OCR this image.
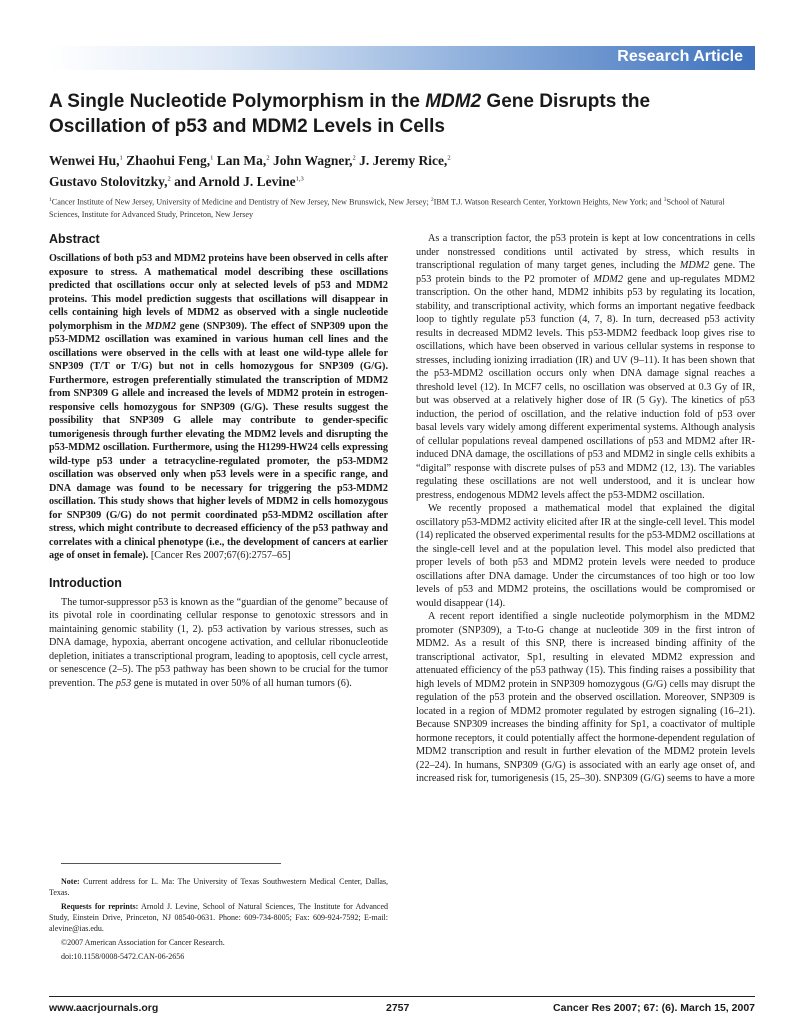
Research Article
A Single Nucleotide Polymorphism in the MDM2 Gene Disrupts the Oscillation of p53 and MDM2 Levels in Cells

Wenwei Hu,$^1$ Zhaohui Feng,$^1$ Lan Ma,$^2$ John Wagner,$^2$ J. Jeremy Rice,$^2$
Gustavo Stolovitzky,$^2$ and Arnold J. Levine$^{1,3}$

$^1$Cancer Institute of New Jersey, University of Medicine and Dentistry of New Jersey, New Brunswick, New Jersey; $^2$IBM T.J. Watson Research Center, Yorktown Heights, New York; and $^3$School of Natural Sciences, Institute for Advanced Study, Princeton, New Jersey

Abstract

Oscillations of both p53 and MDM2 proteins have been observed in cells after exposure to stress. A mathematical model describing these oscillations predicted that oscillations occur only at selected levels of p53 and MDM2 proteins. This model prediction suggests that oscillations will disappear in cells containing high levels of MDM2 as observed with a single nucleotide polymorphism in the MDM2 gene (SNP309). The effect of SNP309 upon the p53-MDM2 oscillation was examined in various human cell lines and the oscillations were observed in the cells with at least one wild-type allele for SNP309 (T/T or T/G) but not in cells homozygous for SNP309 (G/G). Furthermore, estrogen preferentially stimulated the transcription of MDM2 from SNP309 G allele and increased the levels of MDM2 protein in estrogen-responsive cells homozygous for SNP309 (G/G). These results suggest the possibility that SNP309 G allele may contribute to gender-specific tumorigenesis through further elevating the MDM2 levels and disrupting the p53-MDM2 oscillation. Furthermore, using the H1299-HW24 cells expressing wild-type p53 under a tetracycline-regulated promoter, the p53-MDM2 oscillation was observed only when p53 levels were in a specific range, and DNA damage was found to be necessary for triggering the p53-MDM2 oscillation. This study shows that higher levels of MDM2 in cells homozygous for SNP309 (G/G) do not permit coordinated p53-MDM2 oscillation after stress, which might contribute to decreased efficiency of the p53 pathway and correlates with a clinical phenotype (i.e., the development of cancers at earlier age of onset in female). [Cancer Res 2007;67(6):2757–65]

Introduction

The tumor-suppressor p53 is known as the “guardian of the genome” because of its pivotal role in coordinating cellular response to genotoxic stressors and in maintaining genomic stability (1, 2). p53 activation by various stresses, such as DNA damage, hypoxia, aberrant oncogene activation, and cellular ribonucleotide depletion, initiates a transcriptional program, leading to apoptosis, cell cycle arrest, or senescence (2–5). The p53 pathway has been shown to be crucial for the tumor prevention. The p53 gene is mutated in over 50% of all human tumors (6).

As a transcription factor, the p53 protein is kept at low concentrations in cells under nonstressed conditions until activated by stress, which results in transcriptional regulation of many target genes, including the MDM2 gene. The p53 protein binds to the P2 promoter of MDM2 gene and up-regulates MDM2 transcription. On the other hand, MDM2 inhibits p53 by regulating its location, stability, and transcriptional activity, which forms an important negative feedback loop to tightly regulate p53 function (4, 7, 8). In turn, decreased p53 activity results in decreased MDM2 levels. This p53-MDM2 feedback loop gives rise to oscillations, which have been observed in various cellular systems in response to stresses, including ionizing irradiation (IR) and UV (9–11). It has been shown that the p53-MDM2 oscillation occurs only when DNA damage signal reaches a threshold level (12). In MCF7 cells, no oscillation was observed at 0.3 Gy of IR, but was observed at a relatively higher dose of IR (5 Gy). The kinetics of p53 induction, the period of oscillation, and the relative induction fold of p53 over basal levels vary widely among different experimental systems. Although analysis of cellular populations reveal dampened oscillations of p53 and MDM2 after IR-induced DNA damage, the oscillations of p53 and MDM2 in single cells exhibits a “digital” response with discrete pulses of p53 and MDM2 (12, 13). The variables regulating these oscillations are not well understood, and it is unclear how prestress, endogenous MDM2 levels affect the p53-MDM2 oscillation.

We recently proposed a mathematical model that explained the digital oscillatory p53-MDM2 activity elicited after IR at the single-cell level. This model (14) replicated the observed experimental results for the p53-MDM2 oscillations at the single-cell level and at the population level. This model also predicted that proper levels of both p53 and MDM2 protein levels were needed to produce oscillations after DNA damage. Under the circumstances of too high or too low levels of p53 and MDM2 proteins, the oscillations would be compromised or would disappear (14).

A recent report identified a single nucleotide polymorphism in the MDM2 promoter (SNP309), a T-to-G change at nucleotide 309 in the first intron of MDM2. As a result of this SNP, there is increased binding affinity of the transcriptional activator, Sp1, resulting in elevated MDM2 expression and attenuated efficiency of the p53 pathway (15). This finding raises a possibility that high levels of MDM2 protein in SNP309 homozygous (G/G) cells may disrupt the regulation of the p53 protein and the observed oscillation. Moreover, SNP309 is located in a region of MDM2 promoter regulated by estrogen signaling (16–21). Because SNP309 increases the binding affinity for Sp1, a coactivator of multiple hormone receptors, it could potentially affect the hormone-dependent regulation of MDM2 transcription and result in further elevation of the MDM2 protein levels (22–24). In humans, SNP309 (G/G) is associated with an early age onset of, and increased risk for, tumorigenesis (15, 25–30). SNP309 (G/G) seems to have a more

Note: Current address for L. Ma: The University of Texas Southwestern Medical Center, Dallas, Texas.

Requests for reprints: Arnold J. Levine, School of Natural Sciences, The Institute for Advanced Study, Einstein Drive, Princeton, NJ 08540-0631. Phone: 609-734-8005; Fax: 609-924-7592; E-mail: alevine@ias.edu.

©2007 American Association for Cancer Research.

doi:10.1158/0008-5472.CAN-06-2656

www.aacrjournals.org	2757	Cancer Res 2007; 67: (6). March 15, 2007
